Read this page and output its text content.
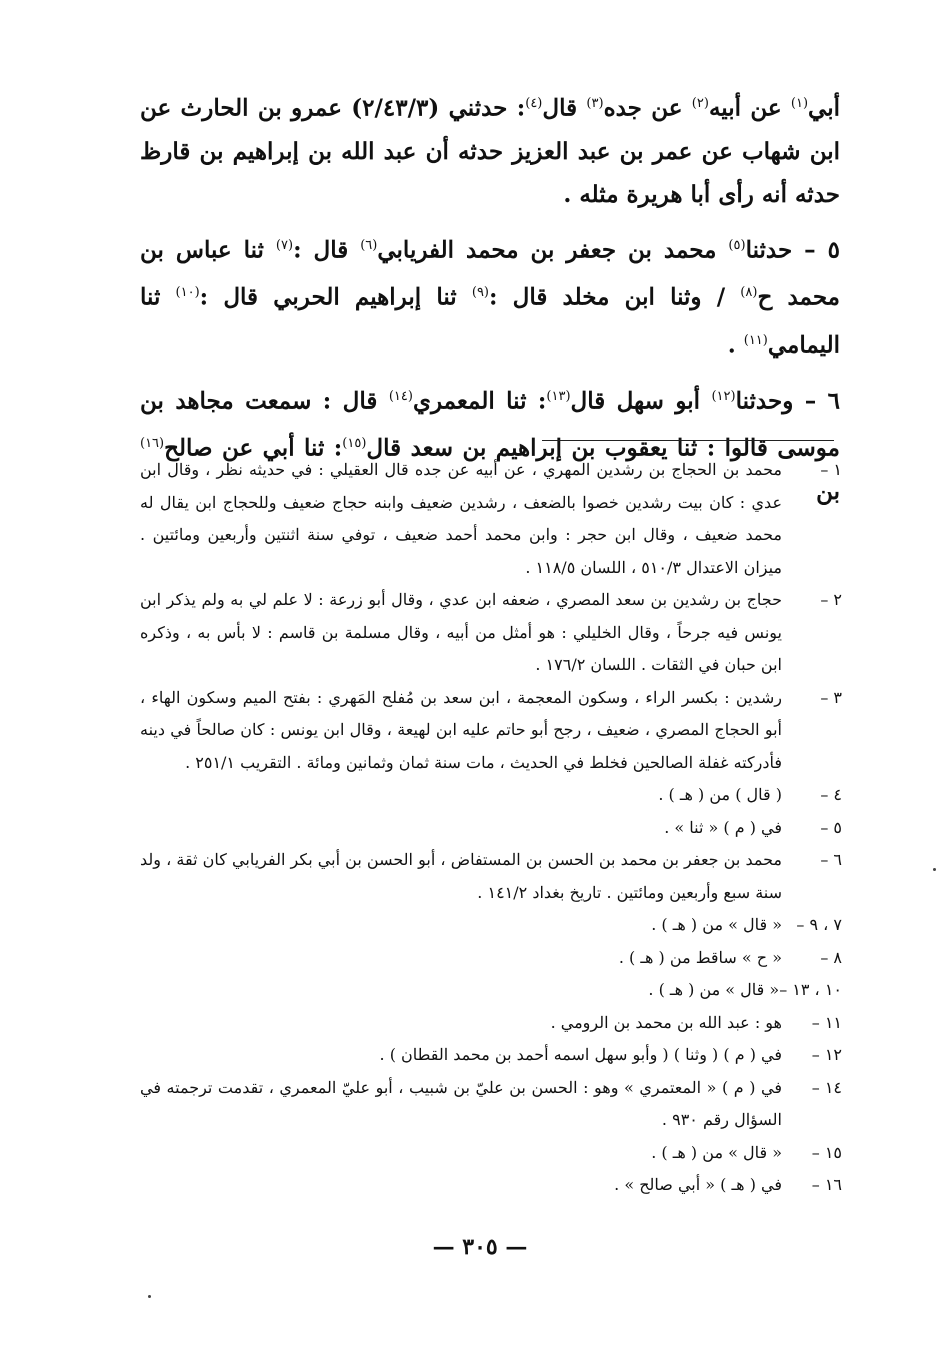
أبي$^{(١)}$ عن أبيه$^{(٢)}$ عن جده$^{(٣)}$ قال$^{(٤)}$: حدثني (٢/٤٣/٣) عمرو بن الحارث عن ابن شهاب عن عمر بن عبد العزيز حدثه أن عبد الله بن إبراهيم بن قارظ حدثه أنه رأى أبا هريرة مثله .

٥ – حدثنا$^{(٥)}$ محمد بن جعفر بن محمد الفريابي$^{(٦)}$ قال :$^{(٧)}$ ثنا عباس بن محمد ح$^{(٨)}$ / وثنا ابن مخلد قال :$^{(٩)}$ ثنا إبراهيم الحربي قال :$^{(١٠)}$ ثنا اليمامي$^{(١١)}$ .

٦ – وحدثنا$^{(١٢)}$ أبو سهل قال$^{(١٣)}$: ثنا المعمري$^{(١٤)}$ قال : سمعت مجاهد بن موسى قالوا : ثنا يعقوب بن إبراهيم بن سعد قال$^{(١٥)}$: ثنا أبي عن صالح$^{(١٦)}$ بن

١ –
محمد بن الحجاج بن رشدين المهري ، عن أبيه عن جده قال العقيلي : في حديثه نظر ، وقال ابن عدي : كان بيت رشدين خصوا بالضعف ، رشدين ضعيف وابنه حجاج ضعيف وللحجاج ابن يقال له محمد ضعيف ، وقال ابن حجر : وابن محمد أحمد ضعيف ، توفي سنة اثنتين وأربعين ومائتين . ميزان الاعتدال ٥١٠/٣ ، اللسان ١١٨/٥ .
٢ –
حجاج بن رشدين بن سعد المصري ، ضعفه ابن عدي ، وقال أبو زرعة : لا علم لي به ولم يذكر ابن يونس فيه جرحاً ، وقال الخليلي : هو أمثل من أبيه ، وقال مسلمة بن قاسم : لا بأس به ، وذكره ابن حبان في الثقات . اللسان ١٧٦/٢ .
٣ –
رشدين : بكسر الراء ، وسكون المعجمة ، ابن سعد بن مُفلح المَهري : بفتح الميم وسكون الهاء ، أبو الحجاج المصري ، ضعيف ، رجح أبو حاتم عليه ابن لهيعة ، وقال ابن يونس : كان صالحاً في دينه فأدركته غفلة الصالحين فخلط في الحديث ، مات سنة ثمان وثمانين ومائة . التقريب ٢٥١/١ .
٤ –
( قال ) من ( هـ ) .
٥ –
في ( م ) « ثنا » .
٦ –
محمد بن جعفر بن محمد بن الحسن بن المستفاض ، أبو الحسن بن أبي بكر الفريابي كان ثقة ، ولد سنة سبع وأربعين ومائتين . تاريخ بغداد ١٤١/٢ .
٧ ، ٩ –
« قال » من ( هـ ) .
٨ –
« ح » ساقط من ( هـ ) .
١٠ ، ١٣ –
« قال » من ( هـ ) .
١١ –
هو : عبد الله بن محمد بن الرومي .
١٢ –
في ( م ) ( وثنا ) ( وأبو سهل اسمه أحمد بن محمد القطان ) .
١٤ –
في ( م ) « المعتمري » وهو : الحسن بن عليّ بن شبيب ، أبو عليّ المعمري ، تقدمت ترجمته في السؤال رقم ٩٣٠ .
١٥ –
« قال » من ( هـ ) .
١٦ –
في ( هـ ) « أبي صالح » .
— ٣٠٥ —
